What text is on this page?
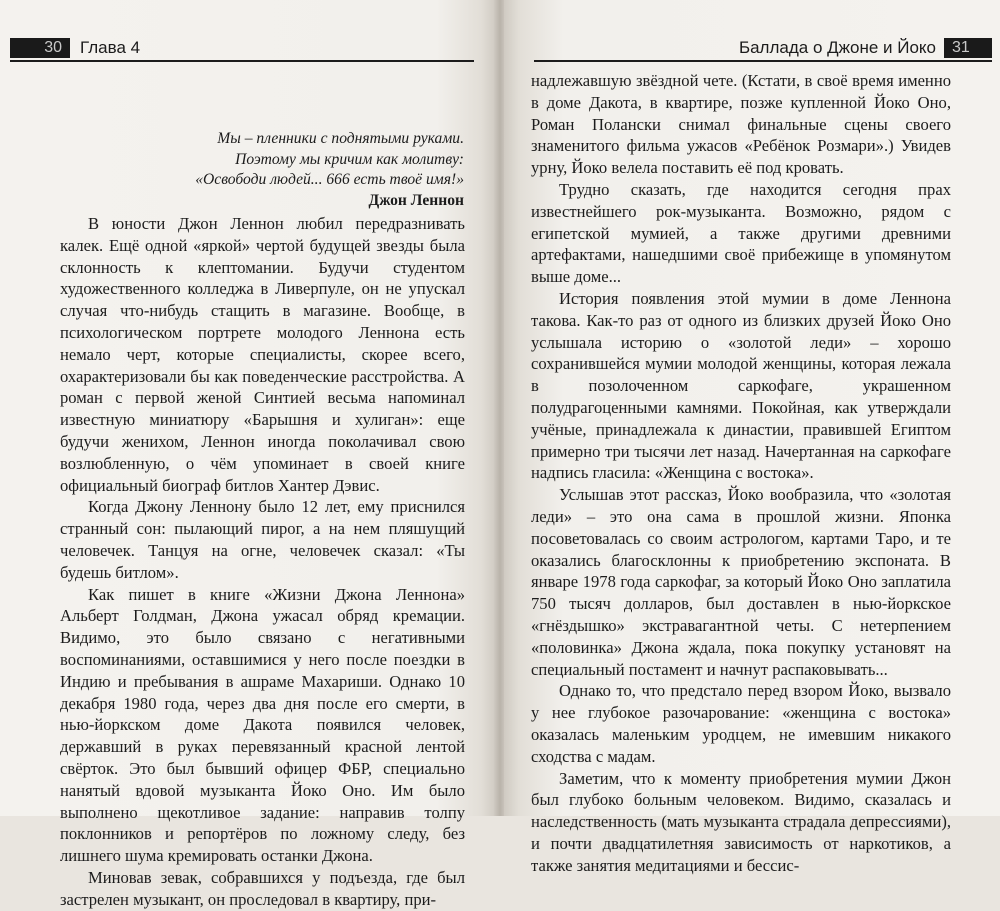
30	Глава 4
Мы – пленники с поднятыми руками.
Поэтому мы кричим как молитву:
«Освободи людей... 666 есть твоё имя!»
Джон Леннон

В юности Джон Леннон любил передразнивать калек. Ещё одной «яркой» чертой будущей звезды была склонность к клептомании. Будучи студентом художественного колледжа в Ливерпуле, он не упускал случая что-нибудь стащить в магазине. Вообще, в психологическом портрете молодого Леннона есть немало черт, которые специалисты, скорее всего, охарактеризовали бы как поведенческие расстройства. А роман с первой женой Синтией весьма напоминал известную миниатюру «Барышня и хулиган»: еще будучи женихом, Леннон иногда поколачивал свою возлюбленную, о чём упоминает в своей книге официальный биограф битлов Хантер Дэвис.

Когда Джону Леннону было 12 лет, ему приснился странный сон: пылающий пирог, а на нем пляшущий человечек. Танцуя на огне, человечек сказал: «Ты будешь битлом».

Как пишет в книге «Жизни Джона Леннона» Альберт Голдман, Джона ужасал обряд кремации. Видимо, это было связано с негативными воспоминаниями, оставшимися у него после поездки в Индию и пребывания в ашраме Махариши. Однако 10 декабря 1980 года, через два дня после его смерти, в нью-йоркском доме Дакота появился человек, державший в руках перевязанный красной лентой свёрток. Это был бывший офицер ФБР, специально нанятый вдовой музыканта Йоко Оно. Им было выполнено щекотливое задание: направив толпу поклонников и репортёров по ложному следу, без лишнего шума кремировать останки Джона.

Миновав зевак, собравшихся у подъезда, где был застрелен музыкант, он проследовал в квартиру, при-

Баллада о Джоне и Йоко	31

надлежавшую звёздной чете. (Кстати, в своё время именно в доме Дакота, в квартире, позже купленной Йоко Оно, Роман Полански снимал финальные сцены своего знаменитого фильма ужасов «Ребёнок Розмари».) Увидев урну, Йоко велела поставить её под кровать.

Трудно сказать, где находится сегодня прах известнейшего рок-музыканта. Возможно, рядом с египетской мумией, а также другими древними артефактами, нашедшими своё прибежище в упомянутом выше доме...

История появления этой мумии в доме Леннона такова. Как-то раз от одного из близких друзей Йоко Оно услышала историю о «золотой леди» – хорошо сохранившейся мумии молодой женщины, которая лежала в позолоченном саркофаге, украшенном полудрагоценными камнями. Покойная, как утверждали учёные, принадлежала к династии, правившей Египтом примерно три тысячи лет назад. Начертанная на саркофаге надпись гласила: «Женщина с востока».

Услышав этот рассказ, Йоко вообразила, что «золотая леди» – это она сама в прошлой жизни. Японка посоветовалась со своим астрологом, картами Таро, и те оказались благосклонны к приобретению экспоната. В январе 1978 года саркофаг, за который Йоко Оно заплатила 750 тысяч долларов, был доставлен в нью-йоркское «гнёздышко» экстравагантной четы. С нетерпением «половинка» Джона ждала, пока покупку установят на специальный постамент и начнут распаковывать...

Однако то, что предстало перед взором Йоко, вызвало у нее глубокое разочарование: «женщина с востока» оказалась маленьким уродцем, не имевшим никакого сходства с мадам.

Заметим, что к моменту приобретения мумии Джон был глубоко больным человеком. Видимо, сказалась и наследственность (мать музыканта страдала депрессиями), и почти двадцатилетняя зависимость от наркотиков, а также занятия медитациями и бессис-
